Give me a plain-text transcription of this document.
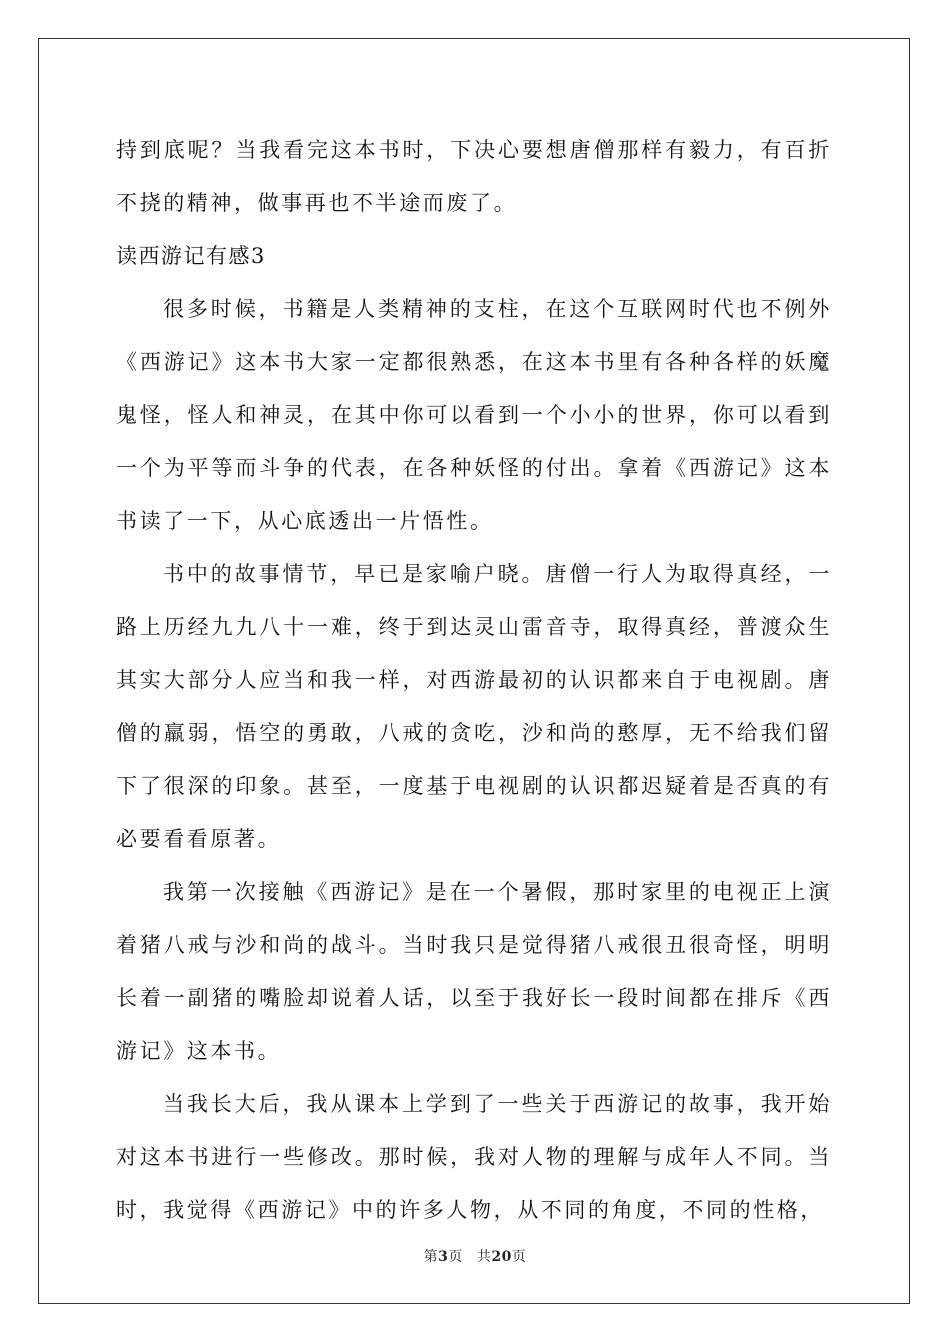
持到底呢？当我看完这本书时，下决心要想唐僧那样有毅力，有百折不挠的精神，做事再也不半途而废了。

读西游记有感3

很多时候，书籍是人类精神的支柱，在这个互联网时代也不例外《西游记》这本书大家一定都很熟悉，在这本书里有各种各样的妖魔鬼怪，怪人和神灵，在其中你可以看到一个小小的世界，你可以看到一个为平等而斗争的代表，在各种妖怪的付出。拿着《西游记》这本书读了一下，从心底透出一片悟性。

书中的故事情节，早已是家喻户晓。唐僧一行人为取得真经，一路上历经九九八十一难，终于到达灵山雷音寺，取得真经，普渡众生其实大部分人应当和我一样，对西游最初的认识都来自于电视剧。唐僧的羸弱，悟空的勇敢，八戒的贪吃，沙和尚的憨厚，无不给我们留下了很深的印象。甚至，一度基于电视剧的认识都迟疑着是否真的有必要看看原著。

我第一次接触《西游记》是在一个暑假，那时家里的电视正上演着猪八戒与沙和尚的战斗。当时我只是觉得猪八戒很丑很奇怪，明明长着一副猪的嘴脸却说着人话，以至于我好长一段时间都在排斥《西游记》这本书。

当我长大后，我从课本上学到了一些关于西游记的故事，我开始对这本书进行一些修改。那时候，我对人物的理解与成年人不同。当时，我觉得《西游记》中的许多人物，从不同的角度，不同的性格，

第3页 共20页
